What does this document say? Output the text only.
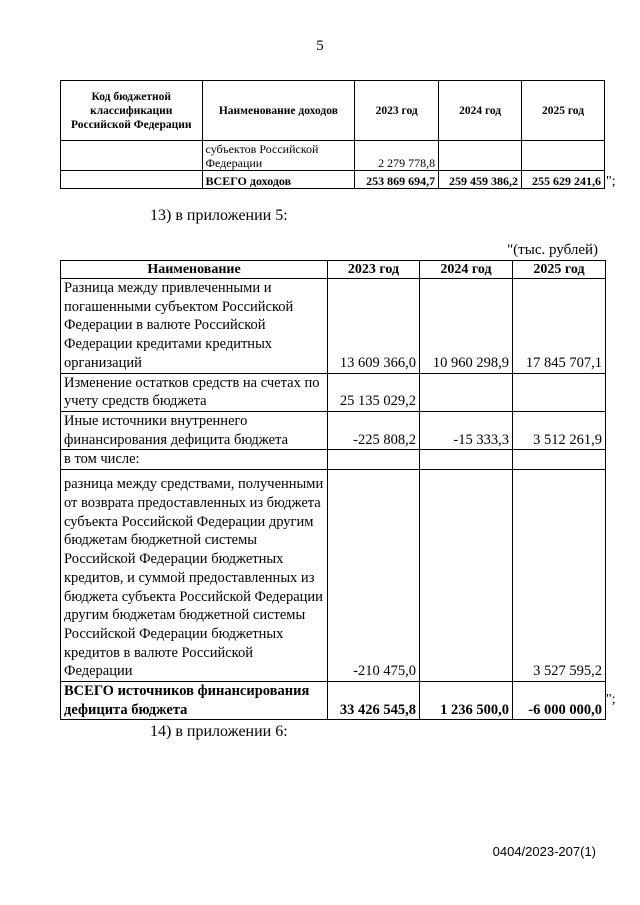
5
Код бюджетной классификации Российской Федерации	Наименование доходов	2023 год	2024 год	2025 год
	субъектов Российской Федерации	2 279 778,8		
	ВСЕГО доходов	253 869 694,7	259 459 386,2	255 629 241,6 ";
13) в приложении 5:
"(тыс. рублей)
Наименование	2023 год	2024 год	2025 год
Разница между привлеченными и погашенными субъектом Российской Федерации в валюте Российской Федерации кредитами кредитных организаций	13 609 366,0	10 960 298,9	17 845 707,1
Изменение остатков средств на счетах по учету средств бюджета	25 135 029,2		
Иные источники внутреннего финансирования дефицита бюджета	-225 808,2	-15 333,3	3 512 261,9
в том числе:			
разница между средствами, полученными от возврата предоставленных из бюджета субъекта Российской Федерации другим бюджетам бюджетной системы Российской Федерации бюджетных кредитов, и суммой предоставленных из бюджета субъекта Российской Федерации другим бюджетам бюджетной системы Российской Федерации бюджетных кредитов в валюте Российской Федерации	-210 475,0		3 527 595,2
ВСЕГО источников финансирования дефицита бюджета	33 426 545,8	1 236 500,0	-6 000 000,0
";
14) в приложении 6:
0404/2023-207(1)
